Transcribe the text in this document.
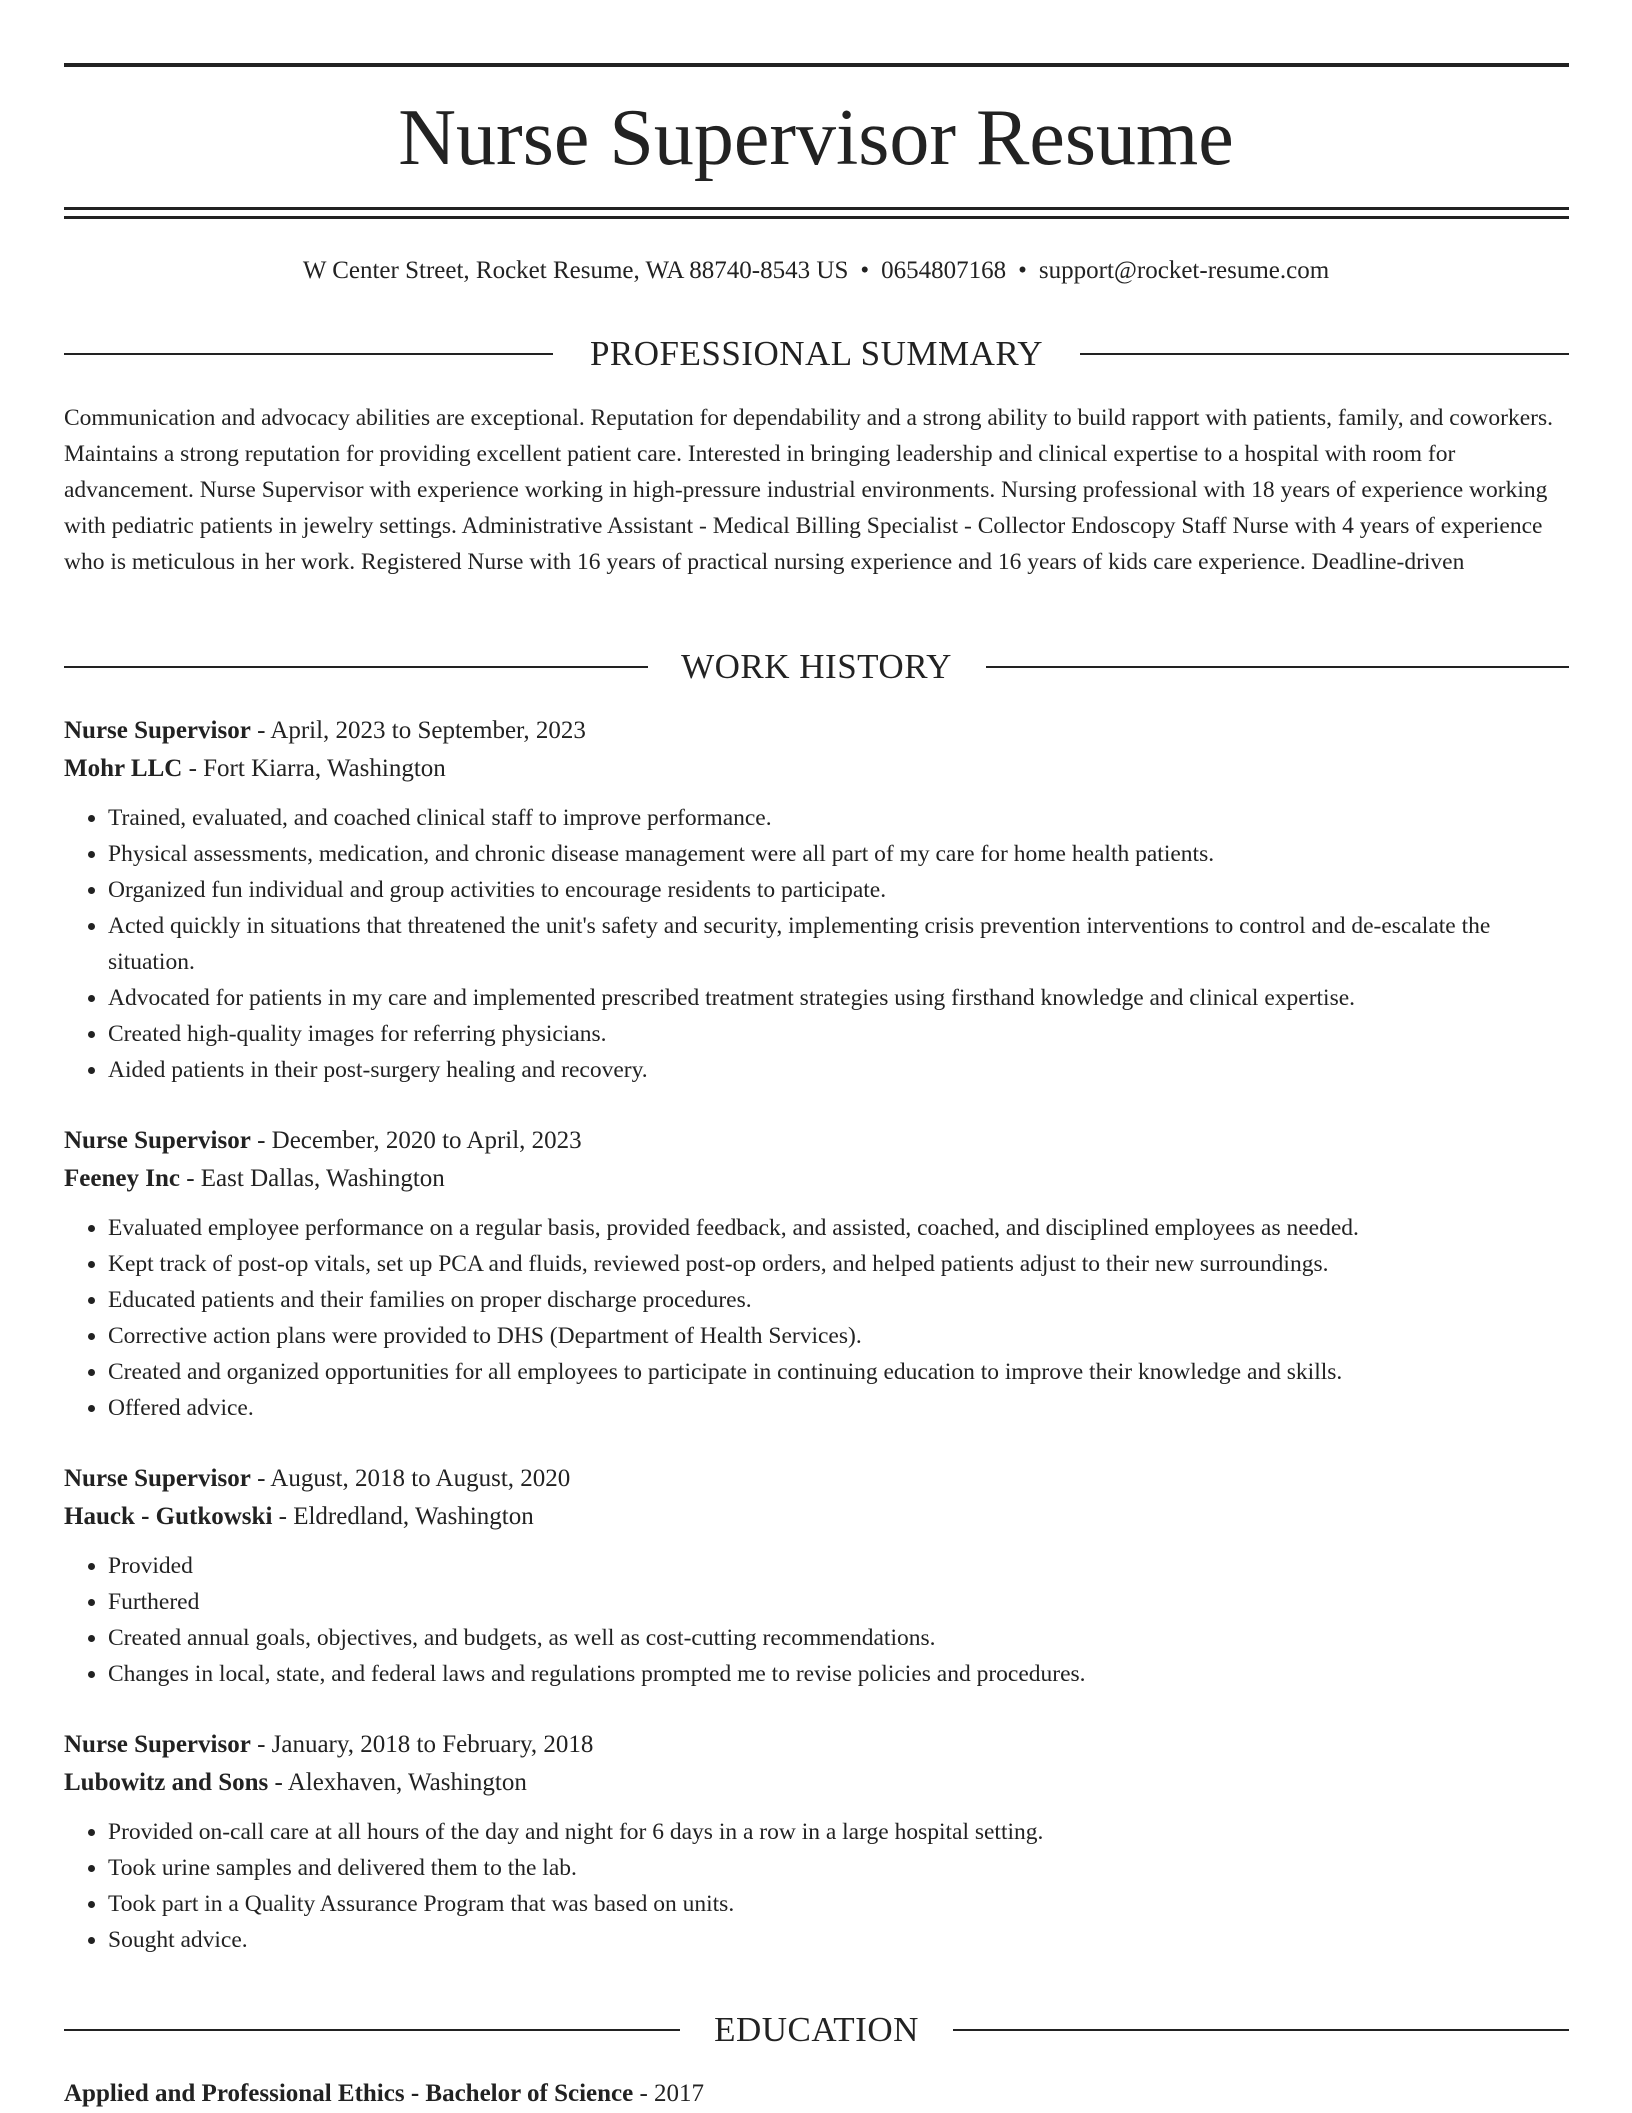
Nurse Supervisor Resume
W Center Street, Rocket Resume, WA 88740-8543 US • 0654807168 • support@rocket-resume.com
PROFESSIONAL SUMMARY

Communication and advocacy abilities are exceptional. Reputation for dependability and a strong ability to build rapport with patients, family, and coworkers. Maintains a strong reputation for providing excellent patient care. Interested in bringing leadership and clinical expertise to a hospital with room for advancement. Nurse Supervisor with experience working in high-pressure industrial environments. Nursing professional with 18 years of experience working with pediatric patients in jewelry settings. Administrative Assistant - Medical Billing Specialist - Collector Endoscopy Staff Nurse with 4 years of experience who is meticulous in her work. Registered Nurse with 16 years of practical nursing experience and 16 years of kids care experience. Deadline-driven

WORK HISTORY
Nurse Supervisor - April, 2023 to September, 2023
Mohr LLC - Fort Kiarra, Washington
• Trained, evaluated, and coached clinical staff to improve performance.
• Physical assessments, medication, and chronic disease management were all part of my care for home health patients.
• Organized fun individual and group activities to encourage residents to participate.
• Acted quickly in situations that threatened the unit's safety and security, implementing crisis prevention interventions to control and de-escalate the situation.
• Advocated for patients in my care and implemented prescribed treatment strategies using firsthand knowledge and clinical expertise.
• Created high-quality images for referring physicians.
• Aided patients in their post-surgery healing and recovery.
Nurse Supervisor - December, 2020 to April, 2023
Feeney Inc - East Dallas, Washington
• Evaluated employee performance on a regular basis, provided feedback, and assisted, coached, and disciplined employees as needed.
• Kept track of post-op vitals, set up PCA and fluids, reviewed post-op orders, and helped patients adjust to their new surroundings.
• Educated patients and their families on proper discharge procedures.
• Corrective action plans were provided to DHS (Department of Health Services).
• Created and organized opportunities for all employees to participate in continuing education to improve their knowledge and skills.
• Offered advice.
Nurse Supervisor - August, 2018 to August, 2020
Hauck - Gutkowski - Eldredland, Washington
• Provided
• Furthered
• Created annual goals, objectives, and budgets, as well as cost-cutting recommendations.
• Changes in local, state, and federal laws and regulations prompted me to revise policies and procedures.
Nurse Supervisor - January, 2018 to February, 2018
Lubowitz and Sons - Alexhaven, Washington
• Provided on-call care at all hours of the day and night for 6 days in a row in a large hospital setting.
• Took urine samples and delivered them to the lab.
• Took part in a Quality Assurance Program that was based on units.
• Sought advice.
EDUCATION
Applied and Professional Ethics - Bachelor of Science - 2017
